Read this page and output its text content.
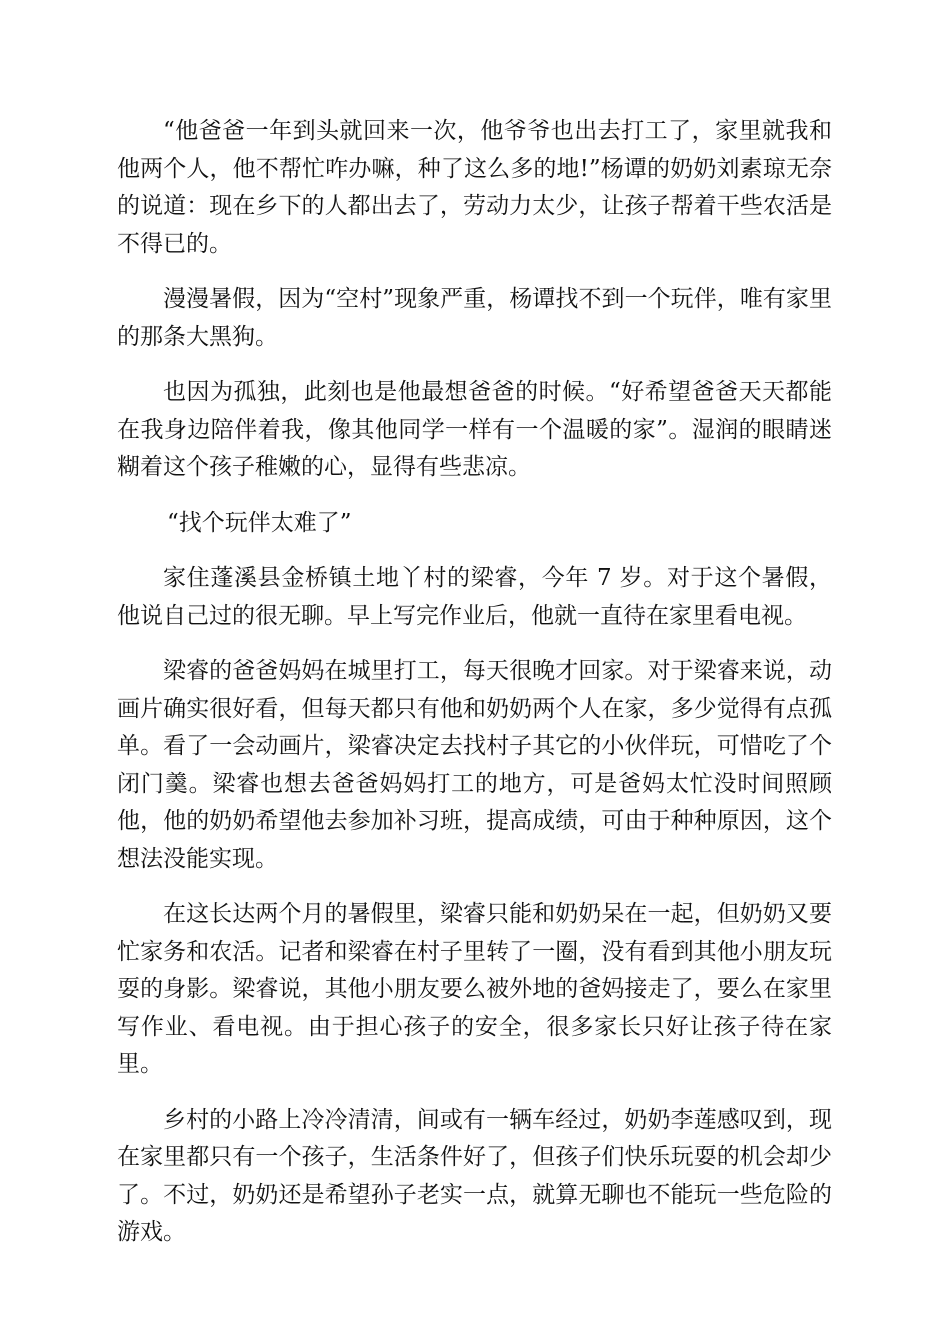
“他爸爸一年到头就回来一次，他爷爷也出去打工了，家里就我和他两个人，他不帮忙咋办嘛，种了这么多的地!”杨谭的奶奶刘素琼无奈的说道：现在乡下的人都出去了，劳动力太少，让孩子帮着干些农活是不得已的。

漫漫暑假，因为“空村”现象严重，杨谭找不到一个玩伴，唯有家里的那条大黑狗。

也因为孤独，此刻也是他最想爸爸的时候。“好希望爸爸天天都能在我身边陪伴着我，像其他同学一样有一个温暖的家”。湿润的眼睛迷糊着这个孩子稚嫩的心，显得有些悲凉。

“找个玩伴太难了”

家住蓬溪县金桥镇土地丫村的梁睿，今年 7 岁。对于这个暑假，他说自己过的很无聊。早上写完作业后，他就一直待在家里看电视。

梁睿的爸爸妈妈在城里打工，每天很晚才回家。对于梁睿来说，动画片确实很好看，但每天都只有他和奶奶两个人在家，多少觉得有点孤单。看了一会动画片，梁睿决定去找村子其它的小伙伴玩，可惜吃了个闭门羹。梁睿也想去爸爸妈妈打工的地方，可是爸妈太忙没时间照顾他，他的奶奶希望他去参加补习班，提高成绩，可由于种种原因，这个想法没能实现。

在这长达两个月的暑假里，梁睿只能和奶奶呆在一起，但奶奶又要忙家务和农活。记者和梁睿在村子里转了一圈，没有看到其他小朋友玩耍的身影。梁睿说，其他小朋友要么被外地的爸妈接走了，要么在家里写作业、看电视。由于担心孩子的安全，很多家长只好让孩子待在家里。

乡村的小路上冷冷清清，间或有一辆车经过，奶奶李莲感叹到，现在家里都只有一个孩子，生活条件好了，但孩子们快乐玩耍的机会却少了。不过，奶奶还是希望孙子老实一点，就算无聊也不能玩一些危险的游戏。
